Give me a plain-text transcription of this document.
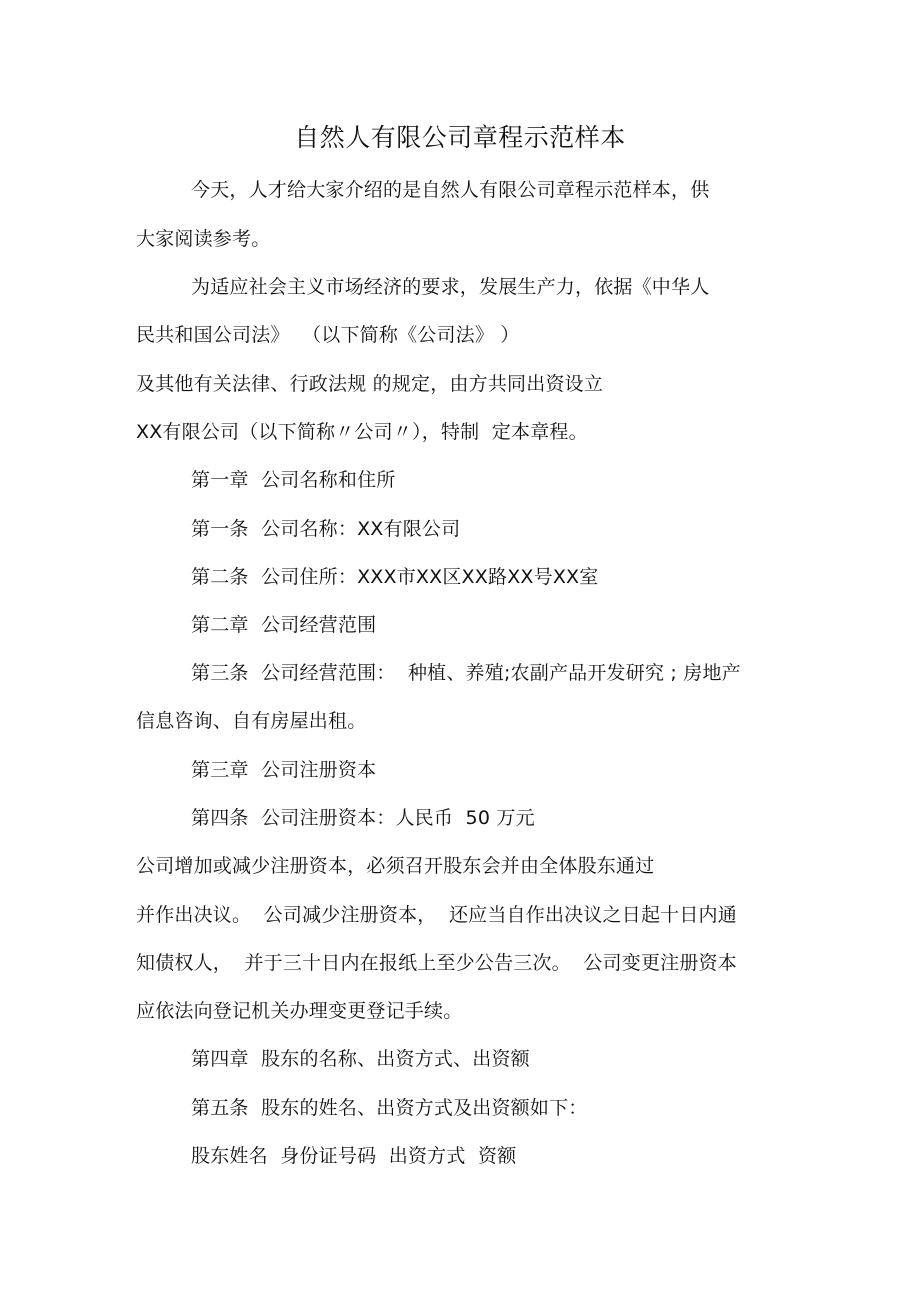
自然人有限公司章程示范样本
今天，人才给大家介绍的是自然人有限公司章程示范样本，供
大家阅读参考。
为适应社会主义市场经济的要求，发展生产力，依据《中华人
民共和国公司法》  （以下简称《公司法》 ）
及其他有关法律、行政法规 的规定，由方共同出资设立
XX有限公司（以下简称〃公司〃），特制  定本章程。
第一章  公司名称和住所
第一条  公司名称：XX有限公司
第二条  公司住所：XXX市XX区XX路XX号XX室
第二章  公司经营范围
第三条  公司经营范围：  种植、养殖;农副产品开发研究 ; 房地产
信息咨询、自有房屋出租。
第三章  公司注册资本
第四条  公司注册资本：人民币  50 万元
公司增加或减少注册资本，必须召开股东会并由全体股东通过
并作出决议。  公司减少注册资本，  还应当自作出决议之日起十日内通
知债权人，  并于三十日内在报纸上至少公告三次。  公司变更注册资本
应依法向登记机关办理变更登记手续。
第四章  股东的名称、出资方式、出资额
第五条  股东的姓名、出资方式及出资额如下：
股东姓名  身份证号码  出资方式  资额
